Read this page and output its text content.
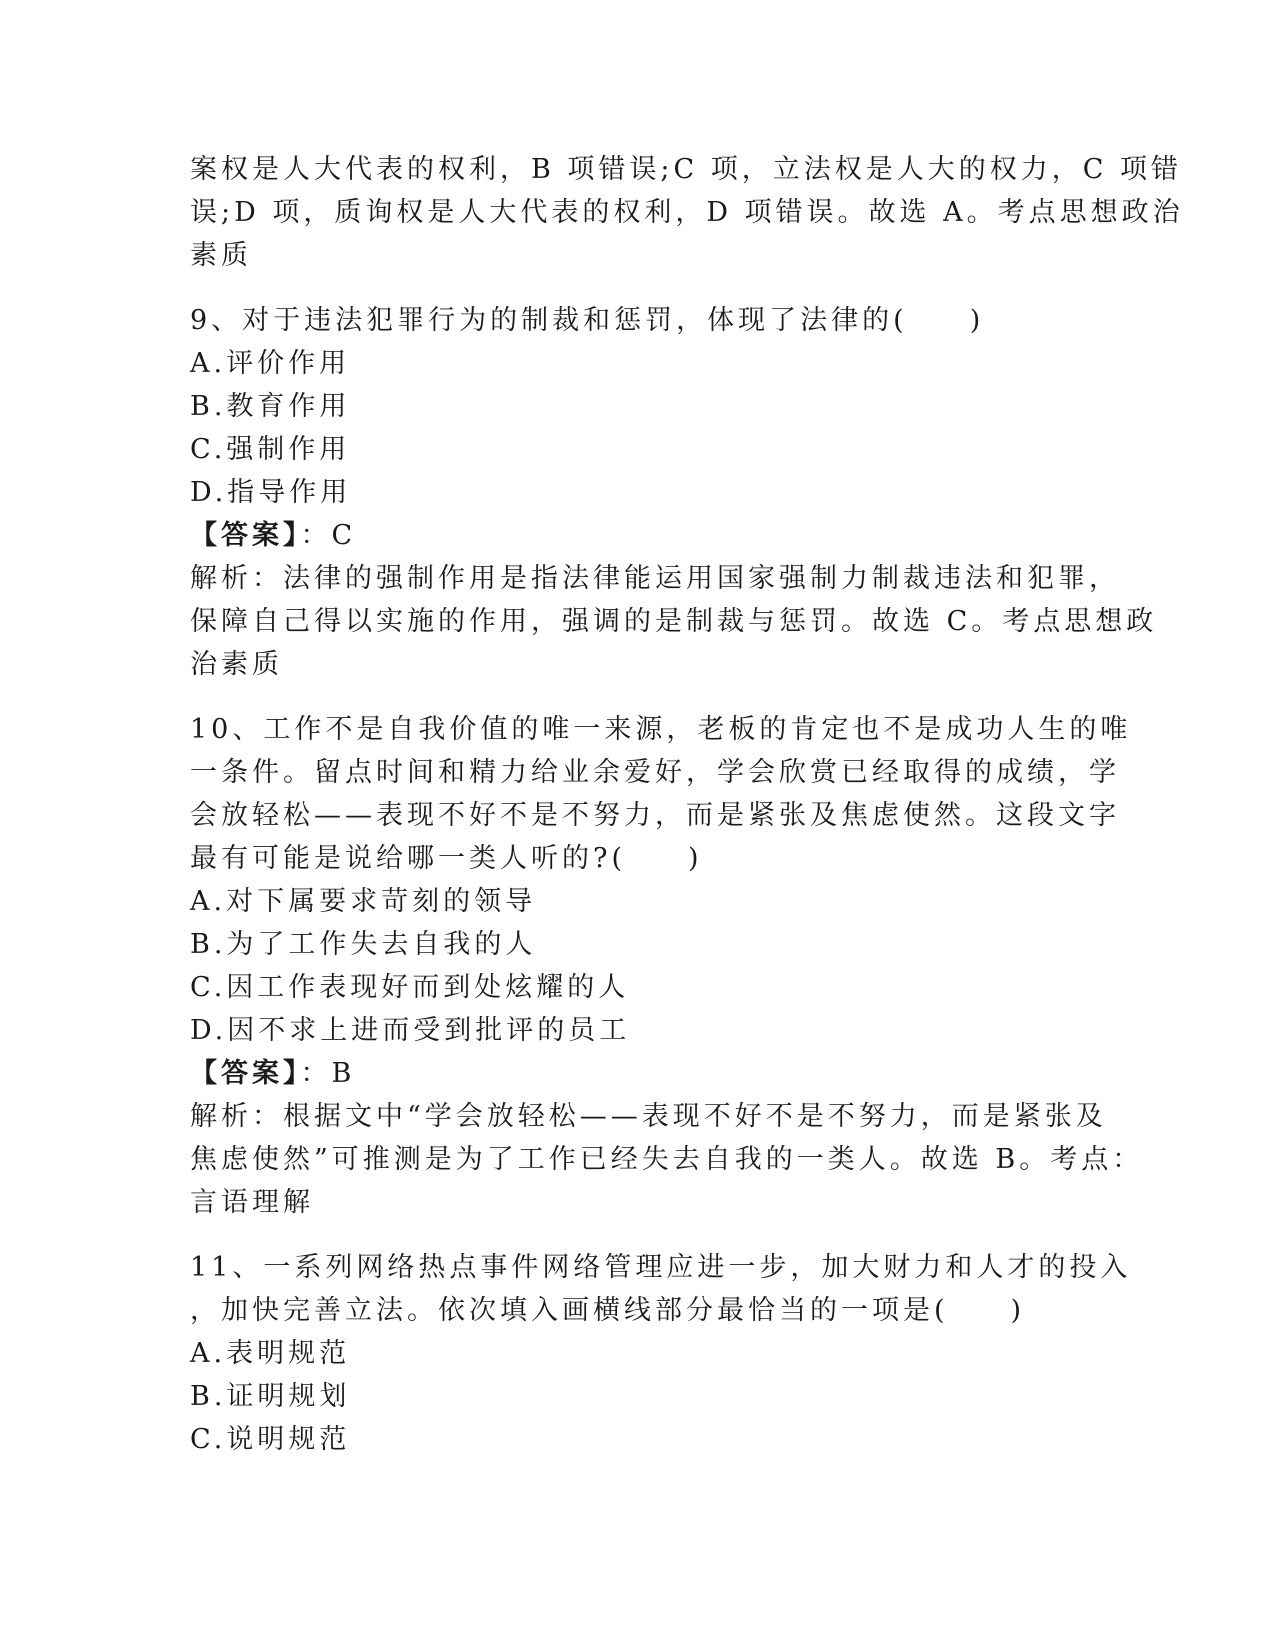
案权是人大代表的权利，B 项错误;C 项，立法权是人大的权力，C 项错
误;D 项，质询权是人大代表的权利，D 项错误。故选 A。考点思想政治
素质
9、对于违法犯罪行为的制裁和惩罚，体现了法律的(　　)
A.评价作用
B.教育作用
C.强制作用
D.指导作用
【答案】：C
解析：法律的强制作用是指法律能运用国家强制力制裁违法和犯罪，
保障自己得以实施的作用，强调的是制裁与惩罚。故选 C。考点思想政
治素质
10、工作不是自我价值的唯一来源，老板的肯定也不是成功人生的唯
一条件。留点时间和精力给业余爱好，学会欣赏已经取得的成绩，学
会放轻松——表现不好不是不努力，而是紧张及焦虑使然。这段文字
最有可能是说给哪一类人听的?(　　)
A.对下属要求苛刻的领导
B.为了工作失去自我的人
C.因工作表现好而到处炫耀的人
D.因不求上进而受到批评的员工
【答案】：B
解析：根据文中“学会放轻松——表现不好不是不努力，而是紧张及
焦虑使然”可推测是为了工作已经失去自我的一类人。故选 B。考点：
言语理解
11、一系列网络热点事件网络管理应进一步，加大财力和人才的投入
，加快完善立法。依次填入画横线部分最恰当的一项是(　　)
A.表明规范
B.证明规划
C.说明规范
